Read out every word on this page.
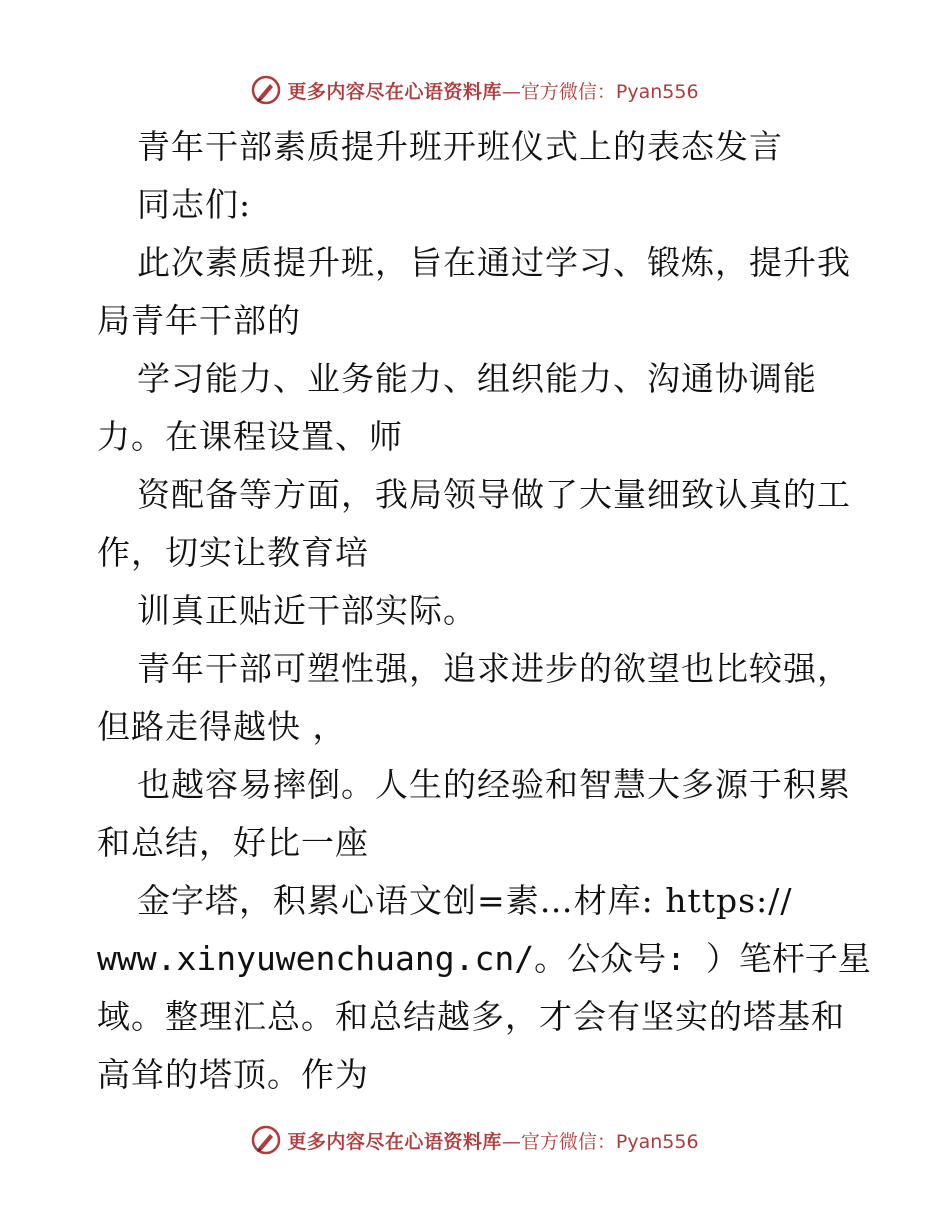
更多内容尽在心语资料库 —官方微信：Pyan556
青年干部素质提升班开班仪式上的表态发言
同志们:
此次素质提升班，旨在通过学习、锻炼，提升我
局青年干部的
学习能力、业务能力、组织能力、沟通协调能
力。在课程设置、师
资配备等方面，我局领导做了大量细致认真的工
作，切实让教育培
训真正贴近干部实际。
青年干部可塑性强，追求进步的欲望也比较强，
但路走得越快 ，
也越容易摔倒。人生的经验和智慧大多源于积累
和总结，好比一座
金字塔，积累心语文创=素…材库: https://
www.xinyuwenchuang.cn/。公众号: ）笔杆子星
域。整理汇总。和总结越多，才会有坚实的塔基和
高耸的塔顶。作为
更多内容尽在心语资料库 —官方微信：Pyan556
